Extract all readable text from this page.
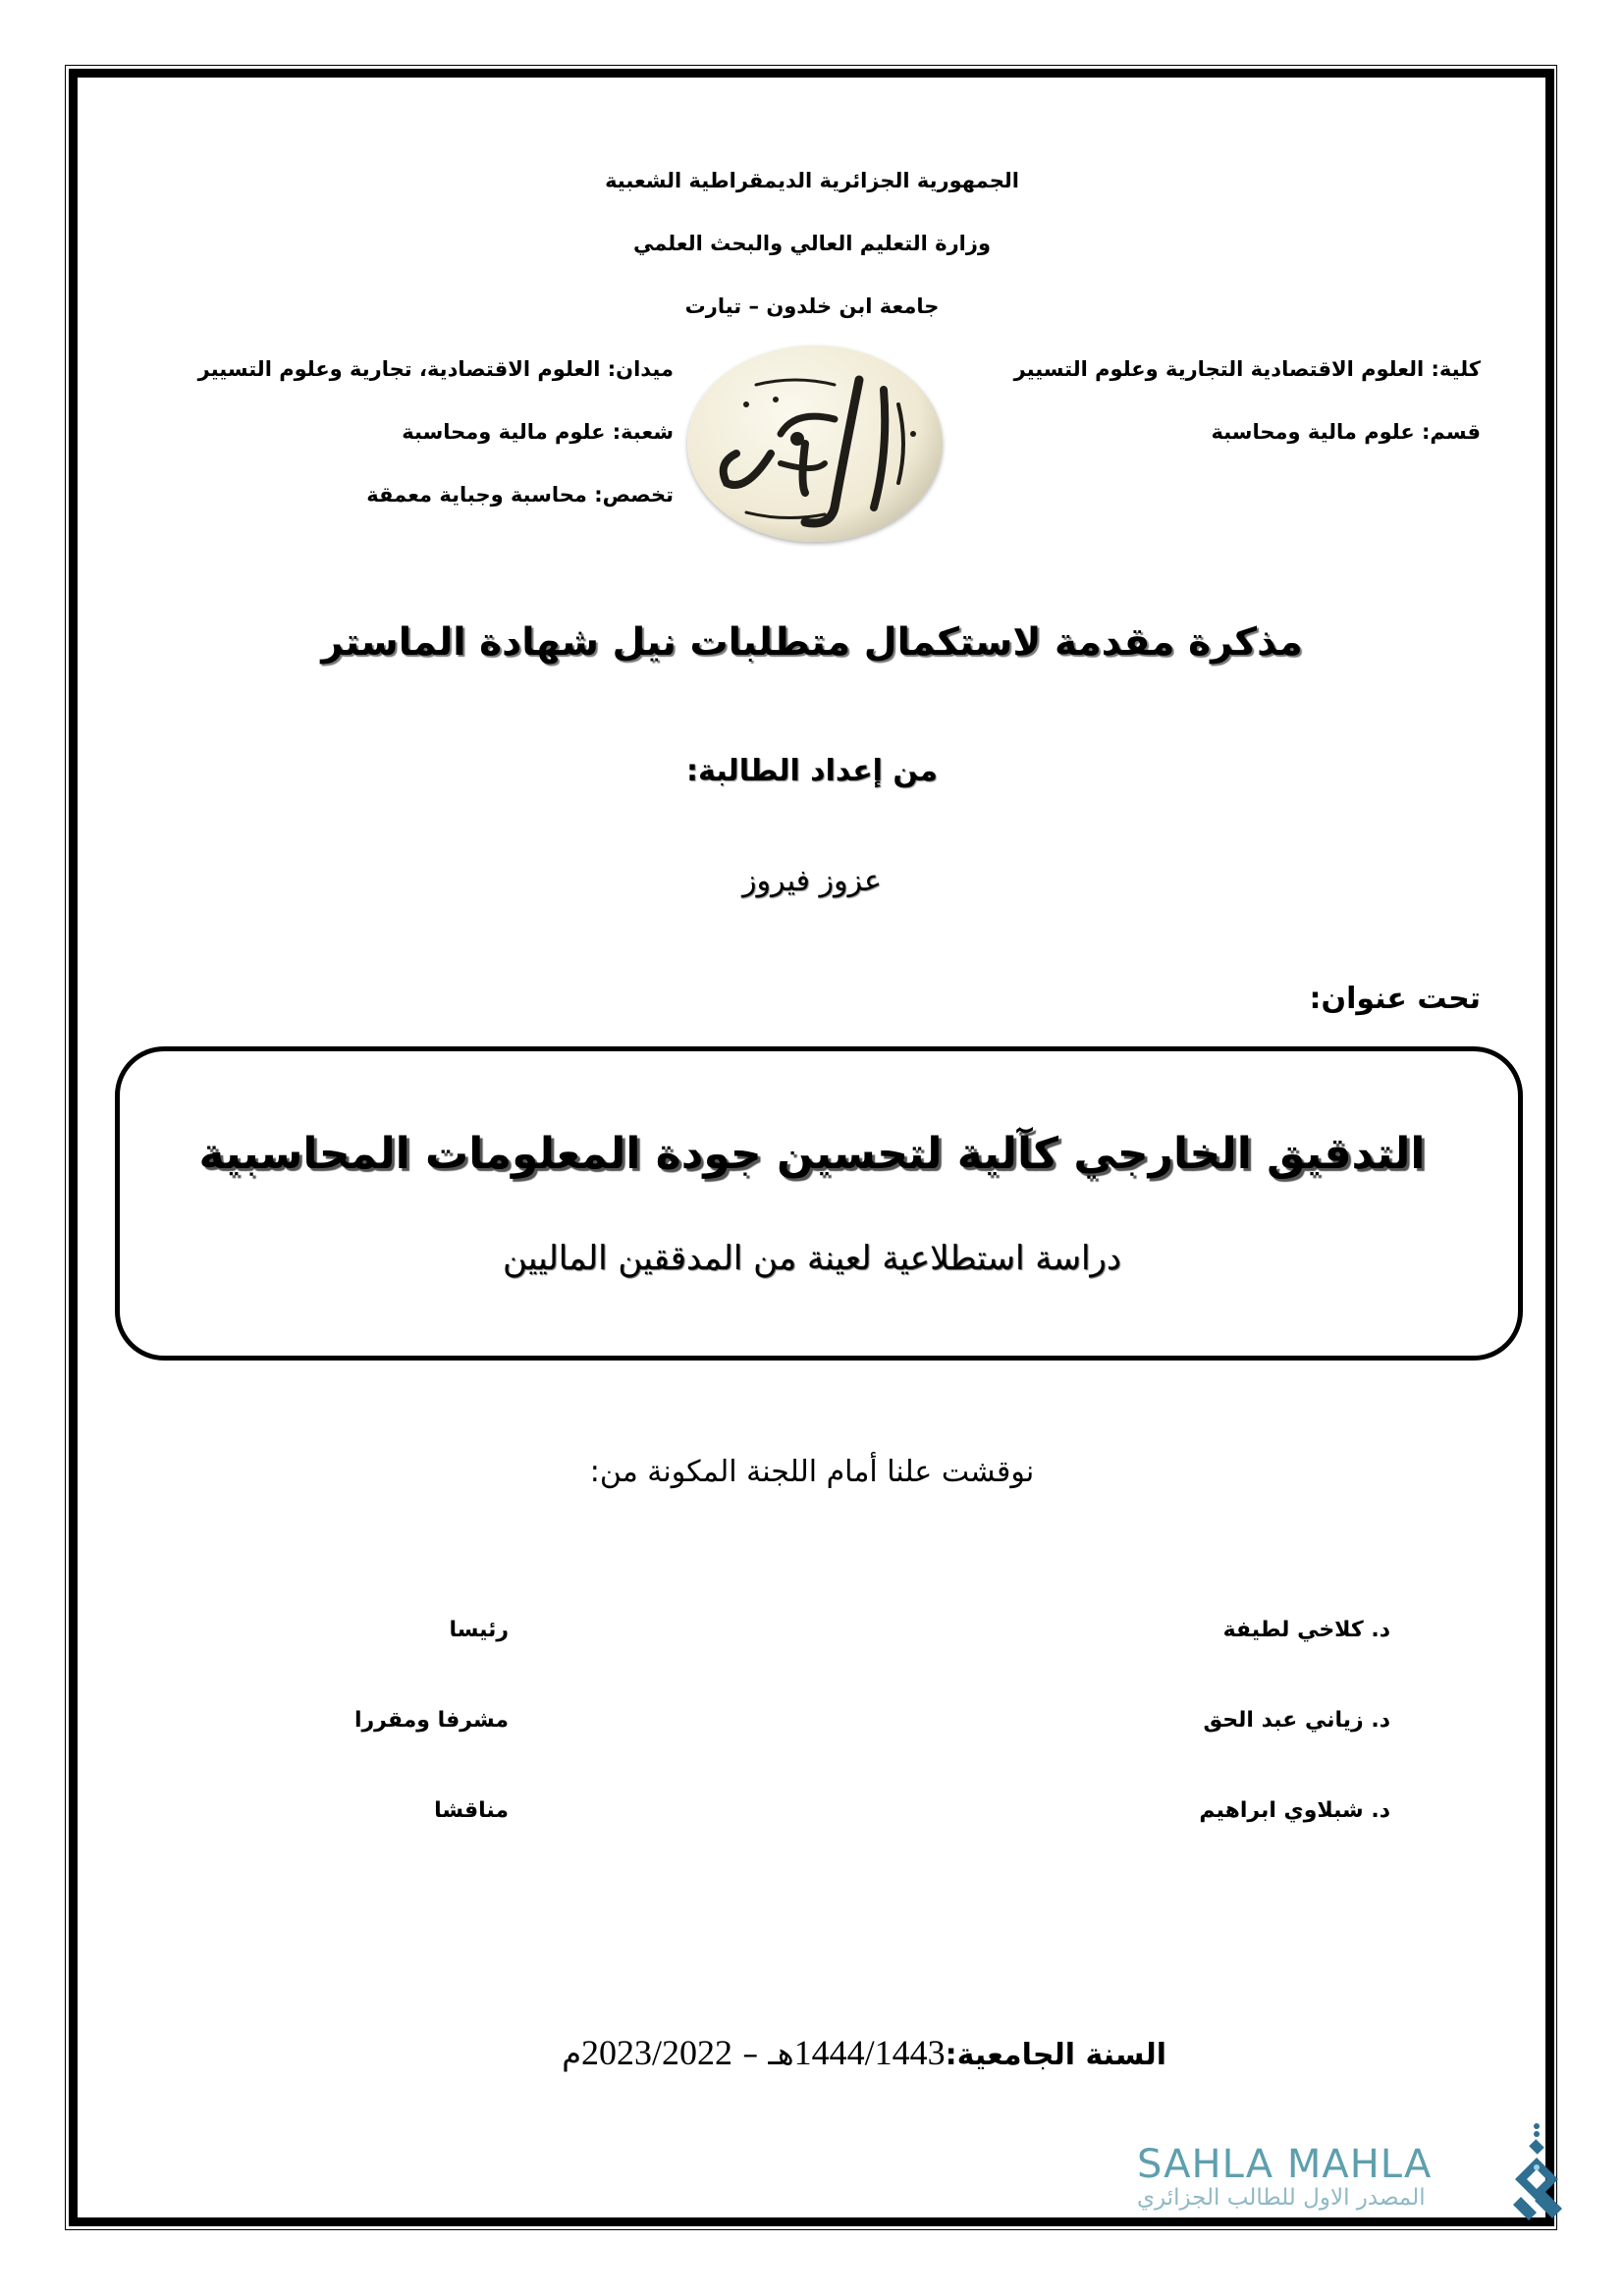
الجمهورية الجزائرية الديمقراطية الشعبية
وزارة التعليم العالي والبحث العلمي
جامعة ابن خلدون – تيارت
كلية: العلوم الاقتصادية التجارية وعلوم التسيير
قسم: علوم مالية ومحاسبة
ميدان: العلوم الاقتصادية، تجارية وعلوم التسيير
شعبة: علوم مالية ومحاسبة
تخصص: محاسبة وجباية معمقة
مذكرة مقدمة لاستكمال متطلبات نيل شهادة الماستر
من إعداد الطالبة:
عزوز فيروز
تحت عنوان:
التدقيق الخارجي كآلية لتحسين جودة المعلومات المحاسبية
دراسة استطلاعية لعينة من المدققين الماليين
نوقشت علنا أمام اللجنة المكونة من:
د. كلاخي لطيفة
رئيسا
د. زياني عبد الحق
مشرفا ومقررا
د. شبلاوي ابراهيم
مناقشا
السنة الجامعية:1444/1443هـ – 2023/2022م
SAHLA MAHLA
المصدر الاول للطالب الجزائري
